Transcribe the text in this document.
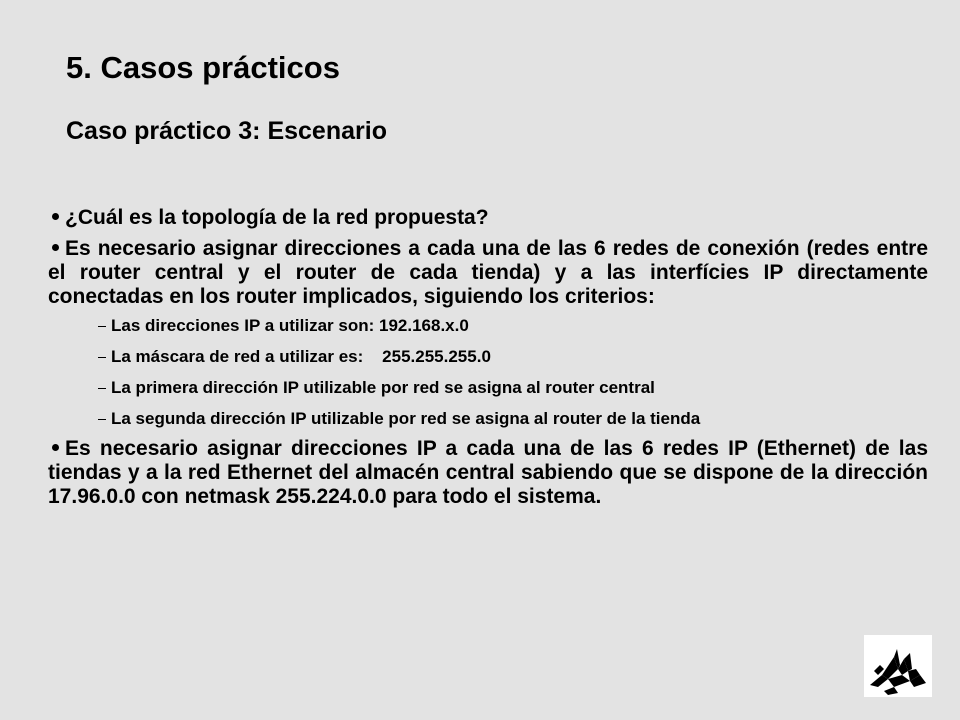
5. Casos prácticos
Caso práctico 3: Escenario
¿Cuál es la topología de la red propuesta?
Es necesario asignar direcciones a cada una de las 6 redes de conexión (redes entre el router central y el router de cada tienda) y a las interfícies IP directamente conectadas en los router implicados, siguiendo los criterios:
Las direcciones IP a utilizar son: 192.168.x.0
La máscara de red a utilizar es:    255.255.255.0
La primera dirección IP utilizable por red se asigna al router central
La segunda dirección IP utilizable por red se asigna al router de la tienda
Es necesario asignar direcciones IP a cada una de las 6 redes IP (Ethernet) de las tiendas y a la red Ethernet del almacén central sabiendo que se dispone de la dirección 17.96.0.0 con netmask 255.224.0.0 para todo el sistema.
